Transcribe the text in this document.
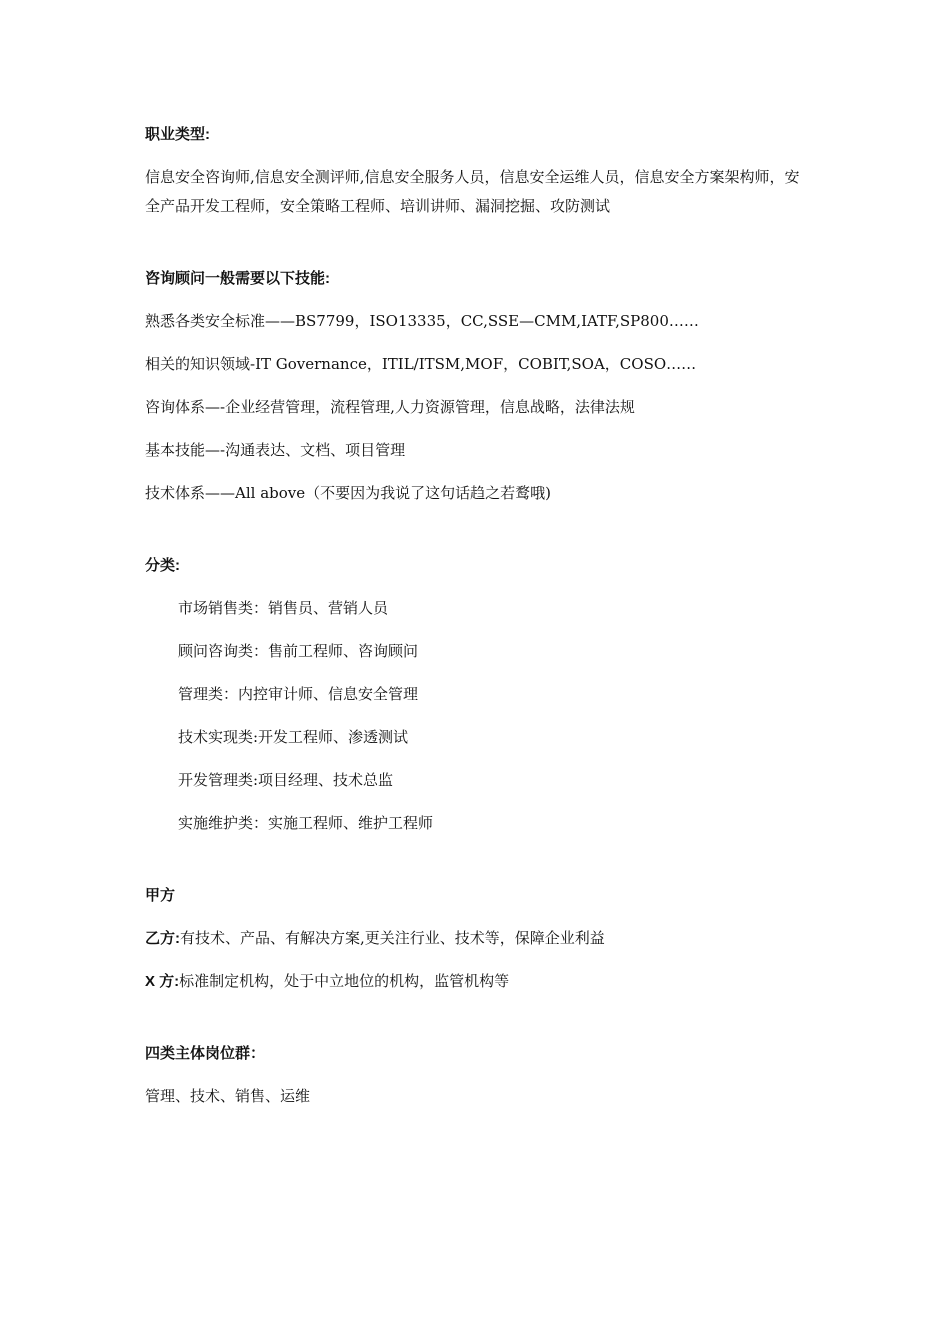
职业类型:

信息安全咨询师,信息安全测评师,信息安全服务人员，信息安全运维人员，信息安全方案架构师，安全产品开发工程师，安全策略工程师、培训讲师、漏洞挖掘、攻防测试

咨询顾问一般需要以下技能:

熟悉各类安全标准——BS7799，ISO13335，CC,SSE—CMM,IATF,SP800……

相关的知识领域-IT Governance，ITIL/ITSM,MOF，COBIT,SOA，COSO……

咨询体系—-企业经营管理，流程管理,人力资源管理，信息战略，法律法规

基本技能—-沟通表达、文档、项目管理

技术体系——All above（不要因为我说了这句话趋之若鹜哦)

分类:

市场销售类：销售员、营销人员

顾问咨询类：售前工程师、咨询顾问

管理类：内控审计师、信息安全管理

技术实现类:开发工程师、渗透测试

开发管理类:项目经理、技术总监

实施维护类：实施工程师、维护工程师

甲方

乙方:有技术、产品、有解决方案,更关注行业、技术等，保障企业利益

X 方:标准制定机构，处于中立地位的机构，监管机构等

四类主体岗位群：

管理、技术、销售、运维
